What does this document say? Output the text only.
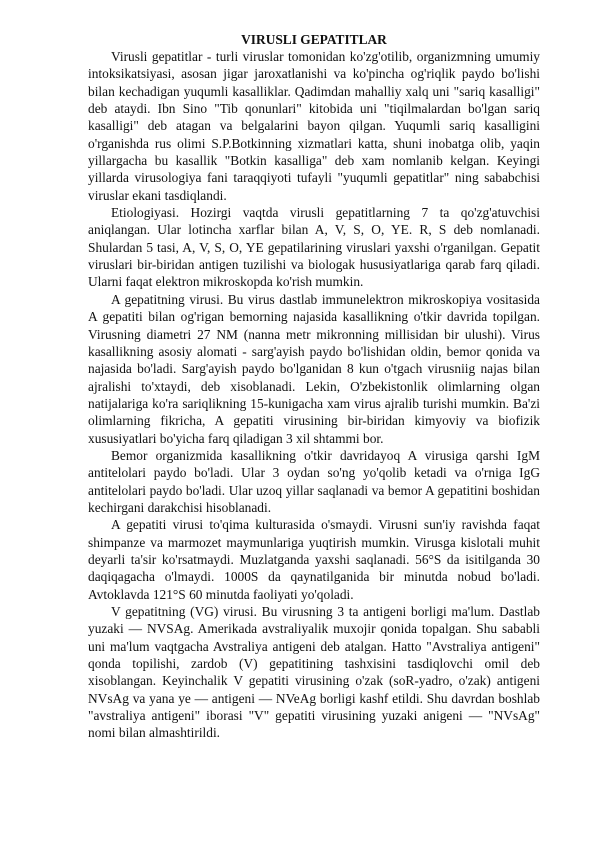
VIRUSLI GEPATITLAR

Virusli gepatitlar - turli viruslar tomonidan ko'zg'otilib, organizmning umumiy intoksikatsiyasi, asosan jigar jaroxatlanishi va ko'pincha og'riqlik paydo bo'lishi bilan kechadigan yuqumli kasalliklar. Qadimdan mahalliy xalq uni "sariq kasalligi" deb ataydi. Ibn Sino "Tib qonunlari" kitobida uni "tiqilmalardan bo'lgan sariq kasalligi" deb atagan va belgalarini bayon qilgan. Yuqumli sariq kasalligini o'rganishda rus olimi S.P.Botkinning xizmatlari katta, shuni inobatga olib, yaqin yillargacha bu kasallik "Botkin kasalliga" deb xam nomlanib kelgan. Keyingi yillarda virusologiya fani taraqqiyoti tufayli "yuqumli gepatitlar" ning sababchisi viruslar ekani tasdiqlandi.

Etiologiyasi. Hozirgi vaqtda virusli gepatitlarning 7 ta qo'zg'atuvchisi aniqlangan. Ular lotincha xarflar bilan A, V, S, O, YE. R, S deb nomlanadi. Shulardan 5 tasi, A, V, S, O, YE gepatilarining viruslari yaxshi o'rganilgan. Gepatit viruslari bir-biridan antigen tuzilishi va biologak hususiyatlariga qarab farq qiladi. Ularni faqat elektron mikroskopda ko'rish mumkin.

A gepatitning virusi. Bu virus dastlab immunelektron mikroskopiya vositasida A gepatiti bilan og'rigan bemorning najasida kasallikning o'tkir davrida topilgan. Virusning diametri 27 NM (nanna metr mikronning millisidan bir ulushi). Virus kasallikning asosiy alomati - sarg'ayish paydo bo'lishidan oldin, bemor qonida va najasida bo'ladi. Sarg'ayish paydo bo'lganidan 8 kun o'tgach virusniig najas bilan ajralishi to'xtaydi, deb xisoblanadi. Lekin, O'zbekistonlik olimlarning olgan natijalariga ko'ra sariqlikning 15-kunigacha xam virus ajralib turishi mumkin. Ba'zi olimlarning fikricha, A gepatiti virusining bir-biridan kimyoviy va biofizik xususiyatlari bo'yicha farq qiladigan 3 xil shtammi bor.

Bemor organizmida kasallikning o'tkir davridayoq A virusiga qarshi IgM antitelolari paydo bo'ladi. Ular 3 oydan so'ng yo'qolib ketadi va o'rniga IgG antitelolari paydo bo'ladi. Ular uzoq yillar saqlanadi va bemor A gepatitini boshidan kechirgani darakchisi hisoblanadi.

A gepatiti virusi to'qima kulturasida o'smaydi. Virusni sun'iy ravishda faqat shimpanze va marmozet maymunlariga yuqtirish mumkin. Virusga kislotali muhit deyarli ta'sir ko'rsatmaydi. Muzlatganda yaxshi saqlanadi. 56°S da isitilganda 30 daqiqagacha o'lmaydi. 1000S da qaynatilganida bir minutda nobud bo'ladi. Avtoklavda 121°S 60 minutda faoliyati yo'qoladi.

V gepatitning (VG) virusi. Bu virusning 3 ta antigeni borligi ma'lum. Dastlab yuzaki — NVSAg. Amerikada avstraliyalik muxojir qonida topalgan. Shu sababli uni ma'lum vaqtgacha Avstraliya antigeni deb atalgan. Hatto "Avstraliya antigeni" qonda topilishi, zardob (V) gepatitining tashxisini tasdiqlovchi omil deb xisoblangan. Keyinchalik V gepatiti virusining o'zak (soR-yadro, o'zak) antigeni NVsAg va yana ye — antigeni — NVeAg borligi kashf etildi. Shu davrdan boshlab "avstraliya antigeni" iborasi "V" gepatiti virusining yuzaki anigeni — "NVsAg" nomi bilan almashtirildi.
